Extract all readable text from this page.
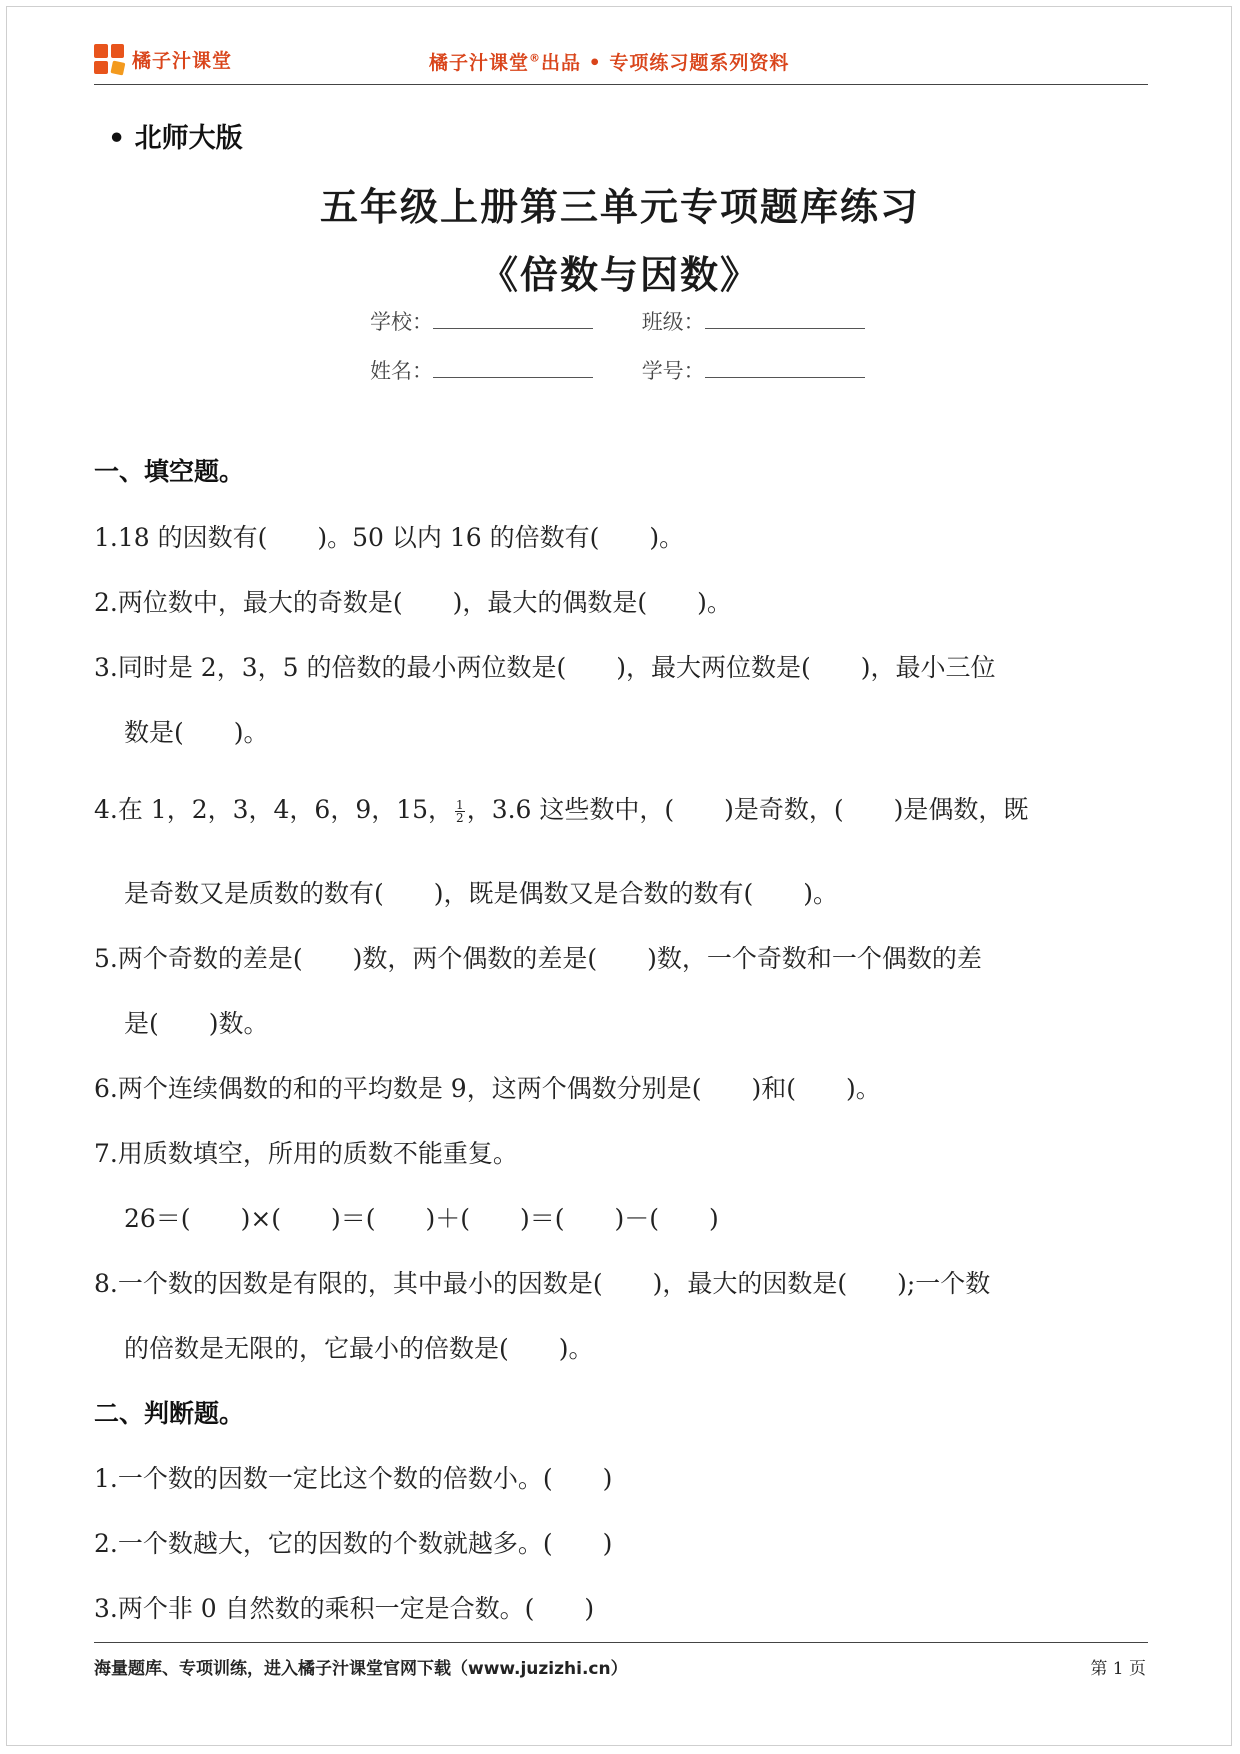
橘子汁课堂	橘子汁课堂®出品 • 专项练习题系列资料
• 北师大版
五年级上册第三单元专项题库练习
《倍数与因数》
学校：	班级：
姓名：	学号：
一、填空题。
1.18 的因数有(　　)。50 以内 16 的倍数有(　　)。
2.两位数中，最大的奇数是(　　)，最大的偶数是(　　)。
3.同时是 2，3，5 的倍数的最小两位数是(　　)，最大两位数是(　　)，最小三位
数是(　　)。
4.在 1，2，3，4，6，9，15， $\frac{1}{2}$ ，3.6 这些数中，(　　)是奇数，(　　)是偶数，既
是奇数又是质数的数有(　　)，既是偶数又是合数的数有(　　)。
5.两个奇数的差是(　　)数，两个偶数的差是(　　)数，一个奇数和一个偶数的差
是(　　)数。
6.两个连续偶数的和的平均数是 9，这两个偶数分别是(　　)和(　　)。
7.用质数填空，所用的质数不能重复。
26＝(　　)×(　　)＝(　　)＋(　　)＝(　　)－(　　)
8.一个数的因数是有限的，其中最小的因数是(　　)，最大的因数是(　　);一个数
的倍数是无限的，它最小的倍数是(　　)。
二、判断题。
1.一个数的因数一定比这个数的倍数小。(　　)
2.一个数越大，它的因数的个数就越多。(　　)
3.两个非 0 自然数的乘积一定是合数。(　　)
海量题库、专项训练，进入橘子汁课堂官网下载（www.juzizhi.cn）	第 1 页
